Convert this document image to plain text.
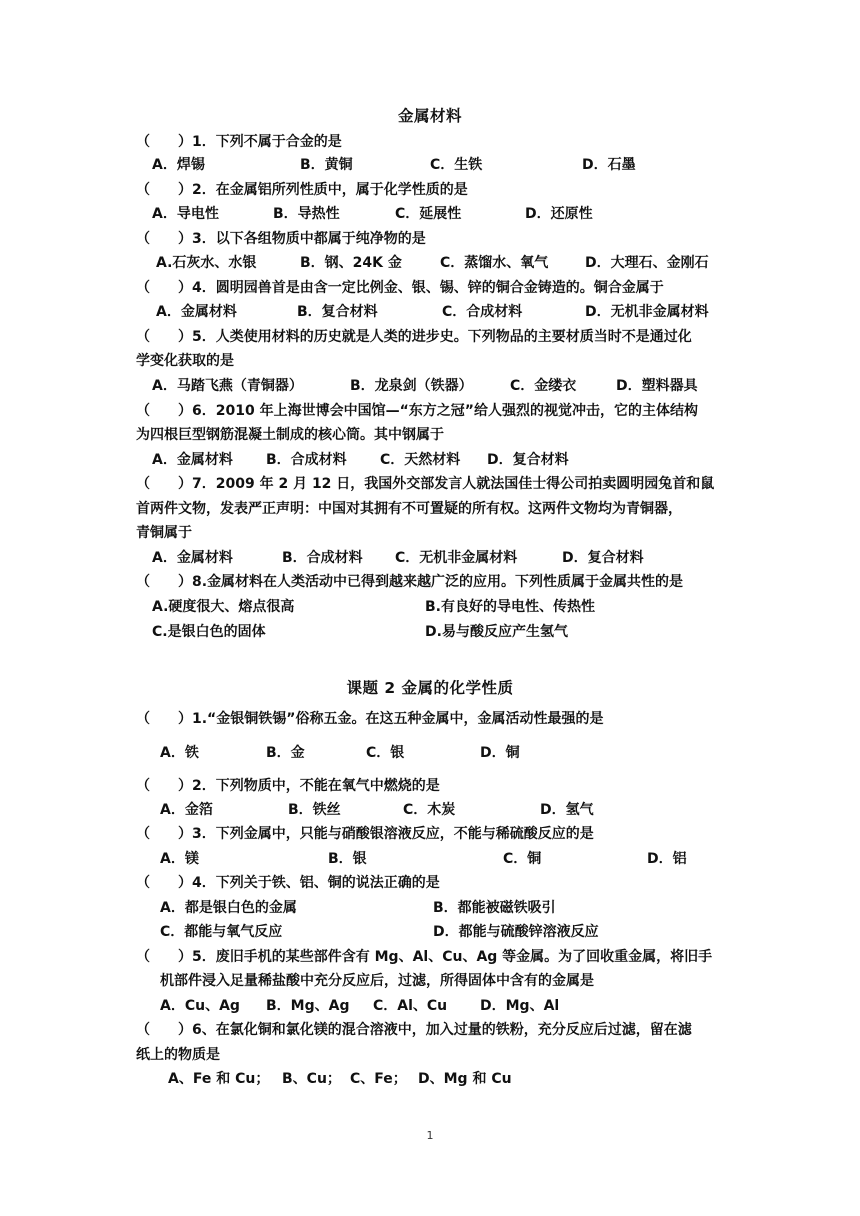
金属材料
（　　）1．下列不属于合金的是
A．焊锡	B．黄铜	C．生铁	D．石墨
（　　）2．在金属铝所列性质中，属于化学性质的是
A．导电性	B．导热性	C．延展性	D．还原性
（　　）3．以下各组物质中都属于纯净物的是
A.石灰水、水银	B．钢、24K 金	C．蒸馏水、氧气	D．大理石、金刚石
（　　）4．圆明园兽首是由含一定比例金、银、锡、锌的铜合金铸造的。铜合金属于
A．金属材料	B．复合材料	C．合成材料	D．无机非金属材料
（　　）5．人类使用材料的历史就是人类的进步史。下列物品的主要材质当时不是通过化
学变化获取的是
A．马踏飞燕（青铜器）	B．龙泉剑（铁器）	C．金缕衣	D．塑料器具
（　　）6．2010 年上海世博会中国馆—“东方之冠”给人强烈的视觉冲击，它的主体结构
为四根巨型钢筋混凝土制成的核心筒。其中钢属于
A．金属材料 B．合成材料 C．天然材料 D．复合材料
（　　）7．2009 年 2 月 12 日，我国外交部发言人就法国佳士得公司拍卖圆明园兔首和鼠
首两件文物，发表严正声明：中国对其拥有不可置疑的所有权。这两件文物均为青铜器，
青铜属于
A．金属材料	B．合成材料 C．无机非金属材料	D．复合材料
（　　）8.金属材料在人类活动中已得到越来越广泛的应用。下列性质属于金属共性的是
A.硬度很大、熔点很高	B.有良好的导电性、传热性
C.是银白色的固体	D.易与酸反应产生氢气
课题 2 金属的化学性质
（　　）1.“金银铜铁锡”俗称五金。在这五种金属中，金属活动性最强的是
A．铁	B．金	C．银	D．铜
（　　）2．下列物质中，不能在氧气中燃烧的是
A．金箔	B．铁丝	C．木炭	D．氢气
（　　）3．下列金属中，只能与硝酸银溶液反应，不能与稀硫酸反应的是
A．镁	B．银	C．铜	D．铝
（　　）4．下列关于铁、铝、铜的说法正确的是
A．都是银白色的金属	B．都能被磁铁吸引
C．都能与氧气反应	D．都能与硫酸锌溶液反应
（　　）5．废旧手机的某些部件含有 Mg、Al、Cu、Ag 等金属。为了回收重金属，将旧手
机部件浸入足量稀盐酸中充分反应后，过滤，所得固体中含有的金属是
A．Cu、Ag B．Mg、Ag C．Al、Cu D．Mg、Al
（　　）6、在氯化铜和氯化镁的混合溶液中，加入过量的铁粉，充分反应后过滤，留在滤
纸上的物质是
A、Fe 和 Cu； B、Cu； C、Fe； D、Mg 和 Cu
1
